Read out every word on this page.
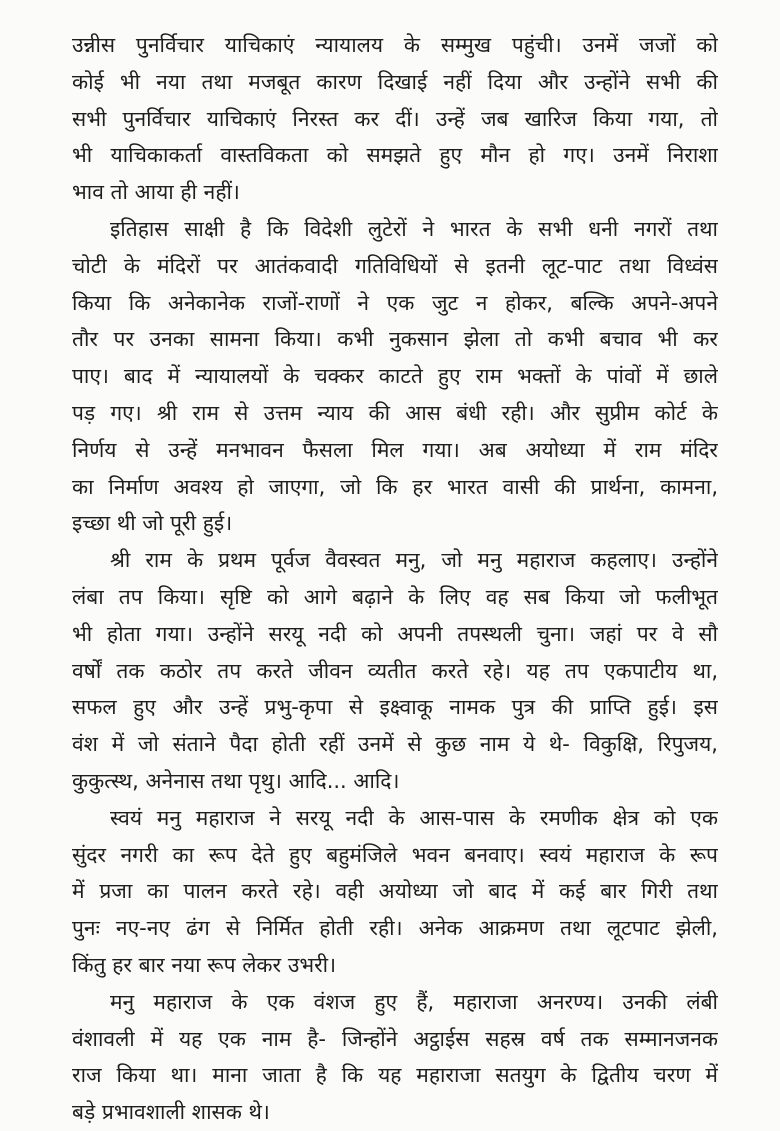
उन्नीस पुनर्विचार याचिकाएं न्यायालय के सम्मुख पहुंची। उनमें जजों को
कोई भी नया तथा मजबूत कारण दिखाई नहीं दिया और उन्होंने सभी की
सभी पुनर्विचार याचिकाएं निरस्त कर दीं। उन्हें जब खारिज किया गया, तो
भी याचिकाकर्ता वास्तविकता को समझते हुए मौन हो गए। उनमें निराशा
भाव तो आया ही नहीं।
इतिहास साक्षी है कि विदेशी लुटेरों ने भारत के सभी धनी नगरों तथा
चोटी के मंदिरों पर आतंकवादी गतिविधियों से इतनी लूट-पाट तथा विध्वंस
किया कि अनेकानेक राजों-राणों ने एक जुट न होकर, बल्कि अपने-अपने
तौर पर उनका सामना किया। कभी नुकसान झेला तो कभी बचाव भी कर
पाए। बाद में न्यायालयों के चक्कर काटते हुए राम भक्तों के पांवों में छाले
पड़ गए। श्री राम से उत्तम न्याय की आस बंधी रही। और सुप्रीम कोर्ट के
निर्णय से उन्हें मनभावन फैसला मिल गया। अब अयोध्या में राम मंदिर
का निर्माण अवश्य हो जाएगा, जो कि हर भारत वासी की प्रार्थना, कामना,
इच्छा थी जो पूरी हुई।
श्री राम के प्रथम पूर्वज वैवस्वत मनु, जो मनु महाराज कहलाए। उन्होंने
लंबा तप किया। सृष्टि को आगे बढ़ाने के लिए वह सब किया जो फलीभूत
भी होता गया। उन्होंने सरयू नदी को अपनी तपस्थली चुना। जहां पर वे सौ
वर्षों तक कठोर तप करते जीवन व्यतीत करते रहे। यह तप एकपाटीय था,
सफल हुए और उन्हें प्रभु-कृपा से इक्ष्वाकू नामक पुत्र की प्राप्ति हुई। इस
वंश में जो संताने पैदा होती रहीं उनमें से कुछ नाम ये थे- विकुक्षि, रिपुजय,
कुकुत्स्थ, अनेनास तथा पृथु। आदि... आदि।
स्वयं मनु महाराज ने सरयू नदी के आस-पास के रमणीक क्षेत्र को एक
सुंदर नगरी का रूप देते हुए बहुमंजिले भवन बनवाए। स्वयं महाराज के रूप
में प्रजा का पालन करते रहे। वही अयोध्या जो बाद में कई बार गिरी तथा
पुनः नए-नए ढंग से निर्मित होती रही। अनेक आक्रमण तथा लूटपाट झेली,
किंतु हर बार नया रूप लेकर उभरी।
मनु महाराज के एक वंशज हुए हैं, महाराजा अनरण्य। उनकी लंबी
वंशावली में यह एक नाम है- जिन्होंने अट्ठाईस सहस्र वर्ष तक सम्मानजनक
राज किया था। माना जाता है कि यह महाराजा सतयुग के द्वितीय चरण में
बड़े प्रभावशाली शासक थे।
